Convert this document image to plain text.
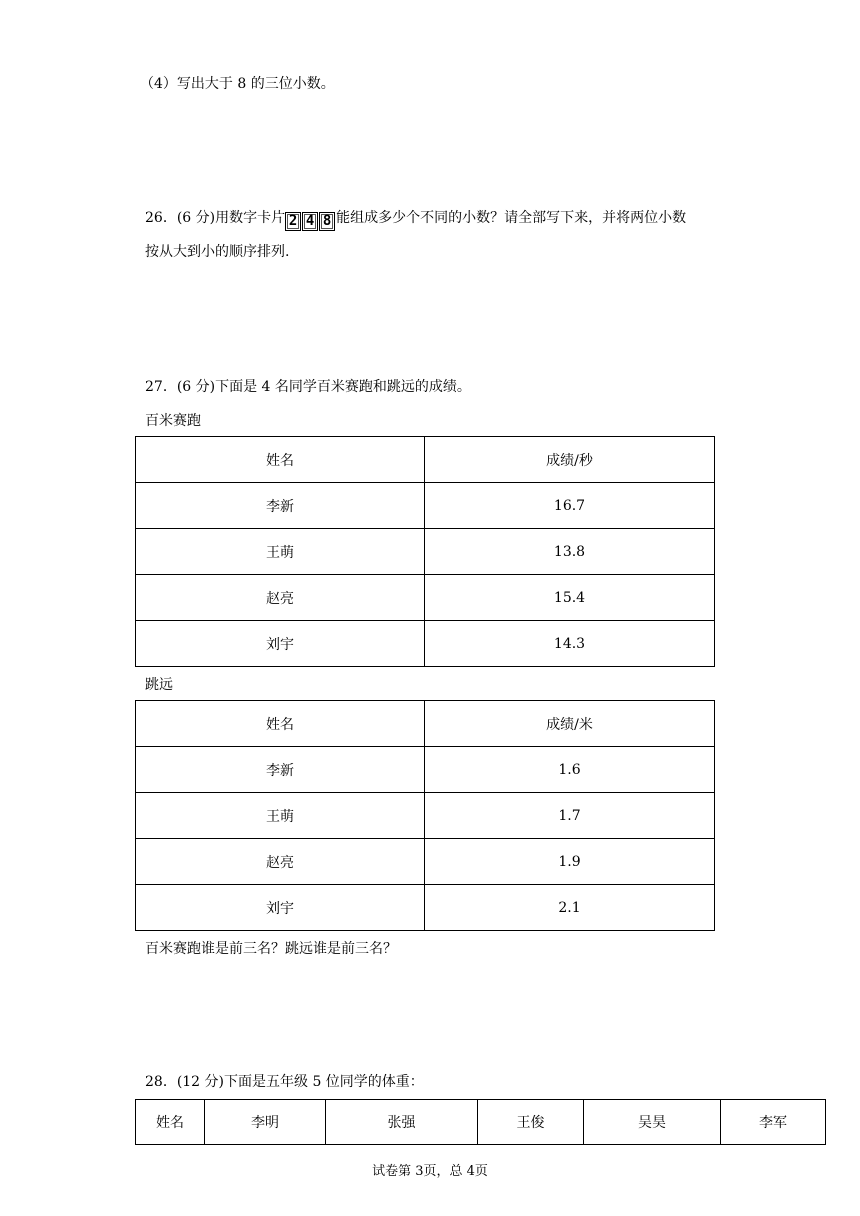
（4）写出大于 8 的三位小数。
26．(6 分)用数字卡片 2 4 8 能组成多少个不同的小数？请全部写下来，并将两位小数
按从大到小的顺序排列.
27．(6 分)下面是 4 名同学百米赛跑和跳远的成绩。
百米赛跑
姓名	成绩/秒
李新	16.7
王萌	13.8
赵亮	15.4
刘宇	14.3
跳远
姓名	成绩/米
李新	1.6
王萌	1.7
赵亮	1.9
刘宇	2.1
百米赛跑谁是前三名？跳远谁是前三名？
28．(12 分)下面是五年级 5 位同学的体重：
姓名	李明	张强	王俊	吴昊	李军
试卷第 3页，总 4页
